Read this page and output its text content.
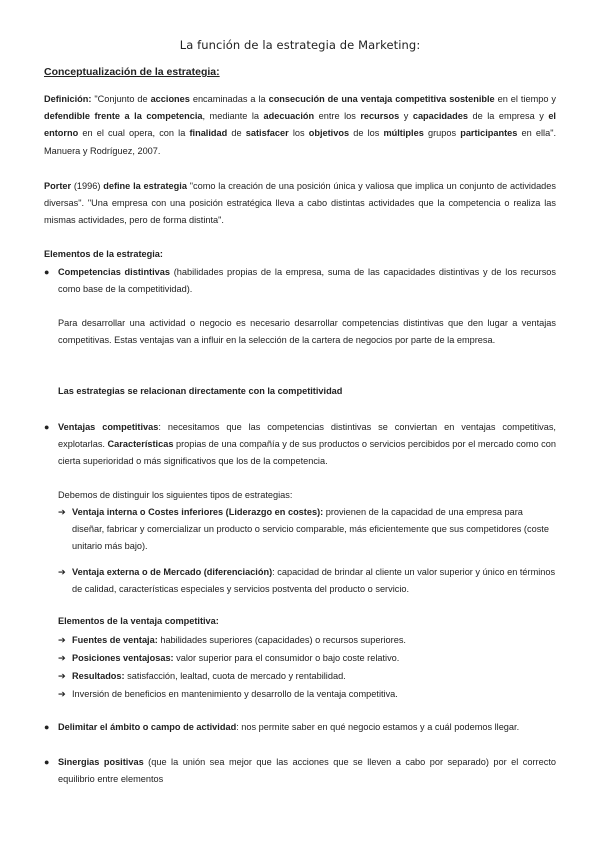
La función de la estrategia de Marketing:
Conceptualización de la estrategia:
Definición: "Conjunto de acciones encaminadas a la consecución de una ventaja competitiva sostenible en el tiempo y defendible frente a la competencia, mediante la adecuación entre los recursos y capacidades de la empresa y el entorno en el cual opera, con la finalidad de satisfacer los objetivos de los múltiples grupos participantes en ella". Manuera y Rodríguez, 2007.
Porter (1996) define la estrategia "como la creación de una posición única y valiosa que implica un conjunto de actividades diversas". "Una empresa con una posición estratégica lleva a cabo distintas actividades que la competencia o realiza las mismas actividades, pero de forma distinta".
Elementos de la estrategia:
● Competencias distintivas (habilidades propias de la empresa, suma de las capacidades distintivas y de los recursos como base de la competitividad).
Para desarrollar una actividad o negocio es necesario desarrollar competencias distintivas que den lugar a ventajas competitivas. Estas ventajas van a influir en la selección de la cartera de negocios por parte de la empresa.
Las estrategias se relacionan directamente con la competitividad
● Ventajas competitivas: necesitamos que las competencias distintivas se conviertan en ventajas competitivas, explotarlas. Características propias de una compañía y de sus productos o servicios percibidos por el mercado como con cierta superioridad o más significativos que los de la competencia.
Debemos de distinguir los siguientes tipos de estrategias:
➔ Ventaja interna o Costes inferiores (Liderazgo en costes): provienen de la capacidad de una empresa para diseñar, fabricar y comercializar un producto o servicio comparable, más eficientemente que sus competidores (coste unitario más bajo).
➔ Ventaja externa o de Mercado (diferenciación): capacidad de brindar al cliente un valor superior y único en términos de calidad, características especiales y servicios postventa del producto o servicio.
Elementos de la ventaja competitiva:
➔ Fuentes de ventaja: habilidades superiores (capacidades) o recursos superiores.
➔ Posiciones ventajosas: valor superior para el consumidor o bajo coste relativo.
➔ Resultados: satisfacción, lealtad, cuota de mercado y rentabilidad.
➔ Inversión de beneficios en mantenimiento y desarrollo de la ventaja competitiva.
● Delimitar el ámbito o campo de actividad: nos permite saber en qué negocio estamos y a cuál podemos llegar.
● Sinergias positivas (que la unión sea mejor que las acciones que se lleven a cabo por separado) por el correcto equilibrio entre elementos
